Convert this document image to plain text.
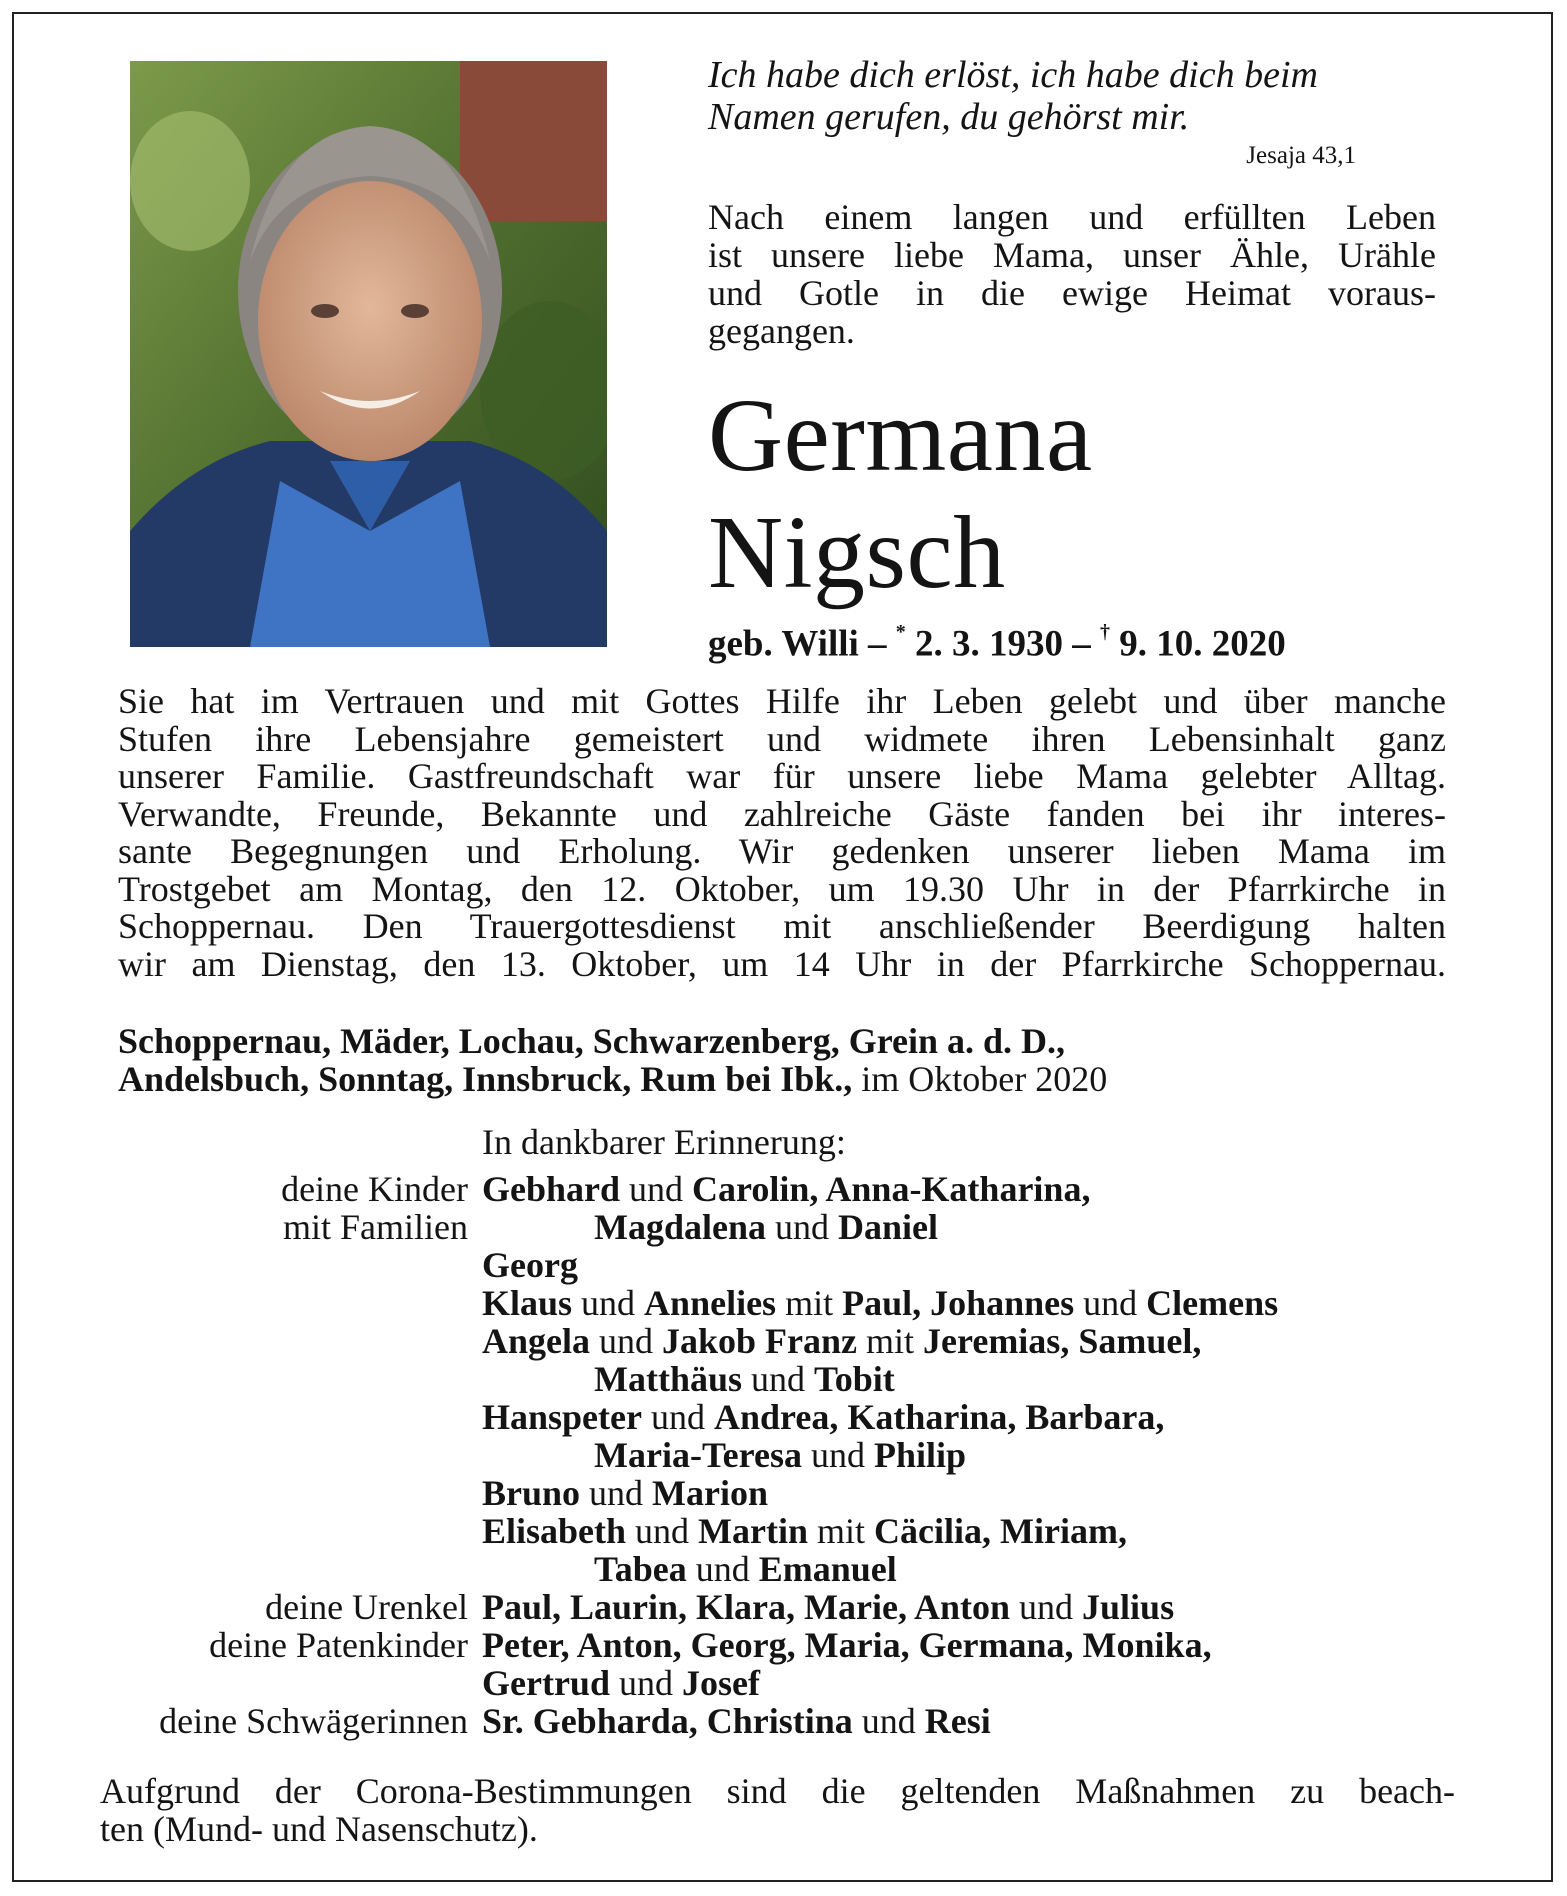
Ich habe dich erlöst, ich habe dich beim
Namen gerufen, du gehörst mir.
Jesaja 43,1
Nach einem langen und erfüllten Leben
ist unsere liebe Mama, unser Ähle, Urähle
und Gotle in die ewige Heimat voraus-
gegangen.
Germana
Nigsch
geb. Willi – * 2. 3. 1930 – † 9. 10. 2020
Sie hat im Vertrauen und mit Gottes Hilfe ihr Leben gelebt und über manche
Stufen ihre Lebensjahre gemeistert und widmete ihren Lebensinhalt ganz
unserer Familie. Gastfreundschaft war für unsere liebe Mama gelebter Alltag.
Verwandte, Freunde, Bekannte und zahlreiche Gäste fanden bei ihr interes-
sante Begegnungen und Erholung. Wir gedenken unserer lieben Mama im
Trostgebet am Montag, den 12. Oktober, um 19.30 Uhr in der Pfarrkirche in
Schoppernau. Den Trauergottesdienst mit anschließender Beerdigung halten
wir am Dienstag, den 13. Oktober, um 14 Uhr in der Pfarrkirche Schoppernau.
Schoppernau, Mäder, Lochau, Schwarzenberg, Grein a. d. D.,
Andelsbuch, Sonntag, Innsbruck, Rum bei Ibk., im Oktober 2020
In dankbarer Erinnerung:
deine Kinder Gebhard und Carolin, Anna-Katharina,
mit Familien	Magdalena und Daniel
Georg
Klaus und Annelies mit Paul, Johannes und Clemens
Angela und Jakob Franz mit Jeremias, Samuel,
Matthäus und Tobit
Hanspeter und Andrea, Katharina, Barbara,
Maria-Teresa und Philip
Bruno und Marion
Elisabeth und Martin mit Cäcilia, Miriam,
Tabea und Emanuel
deine Urenkel Paul, Laurin, Klara, Marie, Anton und Julius
deine Patenkinder Peter, Anton, Georg, Maria, Germana, Monika,
Gertrud und Josef
deine Schwägerinnen Sr. Gebharda, Christina und Resi
Aufgrund der Corona-Bestimmungen sind die geltenden Maßnahmen zu beach-
ten (Mund- und Nasenschutz).
